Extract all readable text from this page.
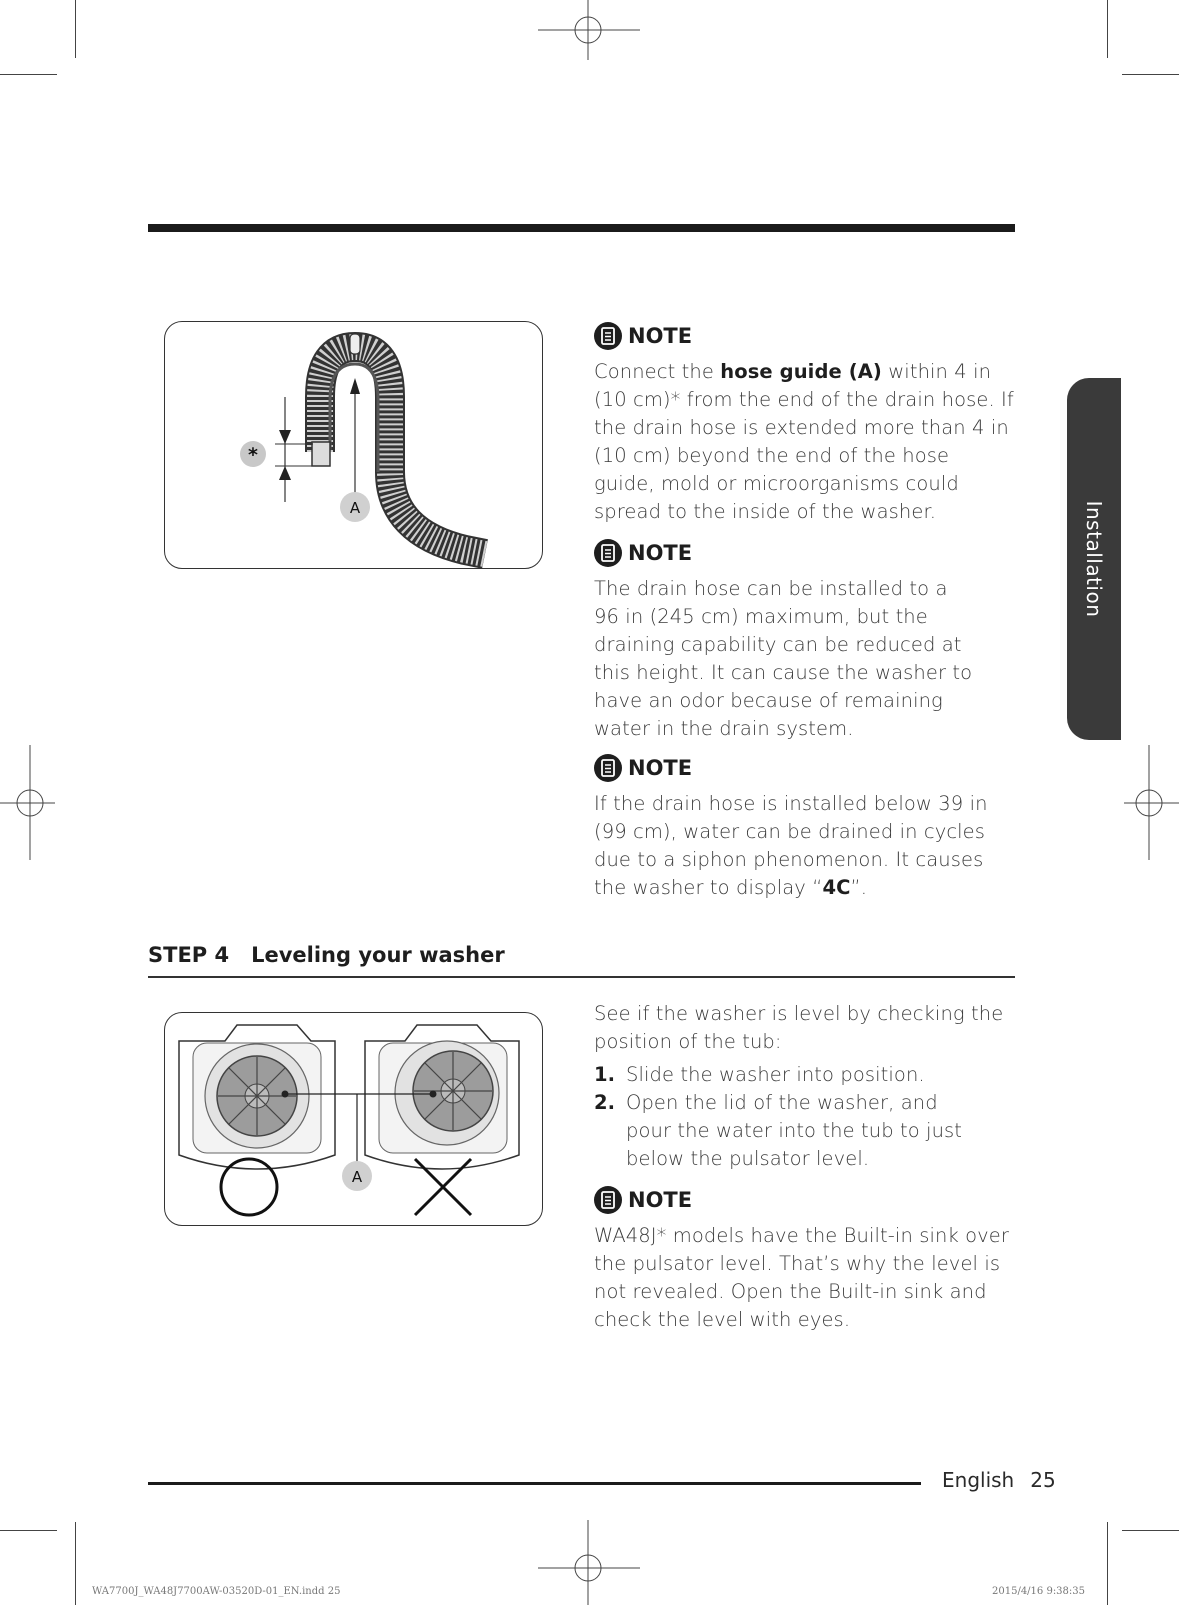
Installation
*
A
NOTE
Connect the hose guide (A) within 4 in (10 cm)* from the end of the drain hose. If the drain hose is extended more than 4 in (10 cm) beyond the end of the hose guide, mold or microorganisms could spread to the inside of the washer.
NOTE
The drain hose can be installed to a 96 in (245 cm) maximum, but the draining capability can be reduced at this height. It can cause the washer to have an odor because of remaining water in the drain system.
NOTE
If the drain hose is installed below 39 in (99 cm), water can be drained in cycles due to a siphon phenomenon. It causes the washer to display “4C”.
STEP 4 Leveling your washer
A
See if the washer is level by checking the position of the tub:
1. Slide the washer into position.
2. Open the lid of the washer, and pour the water into the tub to just below the pulsator level.
NOTE
WA48J* models have the Built-in sink over the pulsator level. That’s why the level is not revealed. Open the Built-in sink and check the level with eyes.
English 25
WA7700J_WA48J7700AW-03520D-01_EN.indd 25	2015/4/16 9:38:35
